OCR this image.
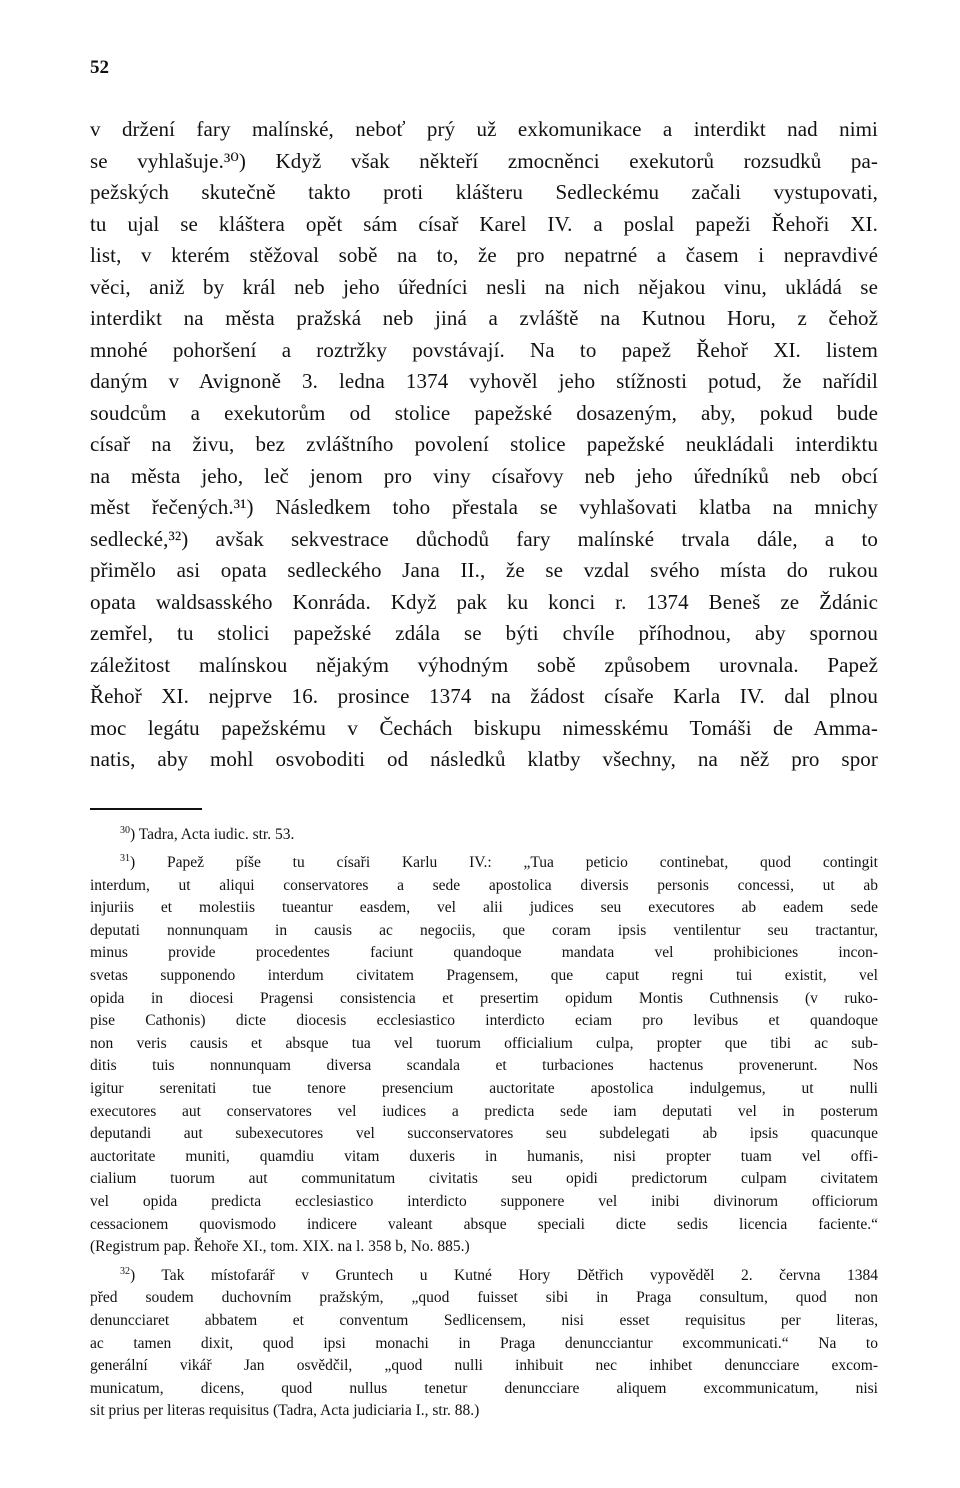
52
v držení fary malínské, neboť prý už exkomunikace a interdikt nad nimi
se vyhlašuje.³⁰) Když však někteří zmocněnci exekutorů rozsudků pa-
pežských skutečně takto proti klášteru Sedleckému začali vystupovati,
tu ujal se kláštera opět sám císař Karel IV. a poslal papeži Řehoři XI.
list, v kterém stěžoval sobě na to, že pro nepatrné a časem i nepravdivé
věci, aniž by král neb jeho úředníci nesli na nich nějakou vinu, ukládá se
interdikt na města pražská neb jiná a zvláště na Kutnou Horu, z čehož
mnohé pohoršení a roztržky povstávají. Na to papež Řehoř XI. listem
daným v Avignoně 3. ledna 1374 vyhověl jeho stížnosti potud, že nařídil
soudcům a exekutorům od stolice papežské dosazeným, aby, pokud bude
císař na živu, bez zvláštního povolení stolice papežské neukládali interdiktu
na města jeho, leč jenom pro viny císařovy neb jeho úředníků neb obcí
měst řečených.³¹) Následkem toho přestala se vyhlašovati klatba na mnichy
sedlecké,³²) avšak sekvestrace důchodů fary malínské trvala dále, a to
přimělo asi opata sedleckého Jana II., že se vzdal svého místa do rukou
opata waldsasského Konráda. Když pak ku konci r. 1374 Beneš ze Ždánic
zemřel, tu stolici papežské zdála se býti chvíle příhodnou, aby spornou
záležitost malínskou nějakým výhodným sobě způsobem urovnala. Papež
Řehoř XI. nejprve 16. prosince 1374 na žádost císaře Karla IV. dal plnou
moc legátu papežskému v Čechách biskupu nimesskému Tomáši de Amma-
natis, aby mohl osvoboditi od následků klatby všechny, na něž pro spor
$^{30}$) Tadra, Acta iudic. str. 53.
$^{31}$) Papež píše tu císaři Karlu IV.: „Tua peticio continebat, quod contingit
interdum, ut aliqui conservatores a sede apostolica diversis personis concessi, ut ab
injuriis et molestiis tueantur easdem, vel alii judices seu executores ab eadem sede
deputati nonnunquam in causis ac negociis, que coram ipsis ventilentur seu tractantur,
minus provide procedentes faciunt quandoque mandata vel prohibiciones incon-
svetas supponendo interdum civitatem Pragensem, que caput regni tui existit, vel
opida in diocesi Pragensi consistencia et presertim opidum Montis Cuthnensis (v ruko-
pise Cathonis) dicte diocesis ecclesiastico interdicto eciam pro levibus et quandoque
non veris causis et absque tua vel tuorum officialium culpa, propter que tibi ac sub-
ditis tuis nonnunquam diversa scandala et turbaciones hactenus provenerunt. Nos
igitur serenitati tue tenore presencium auctoritate apostolica indulgemus, ut nulli
executores aut conservatores vel iudices a predicta sede iam deputati vel in posterum
deputandi aut subexecutores vel succonservatores seu subdelegati ab ipsis quacunque
auctoritate muniti, quamdiu vitam duxeris in humanis, nisi propter tuam vel offi-
cialium tuorum aut communitatum civitatis seu opidi predictorum culpam civitatem
vel opida predicta ecclesiastico interdicto supponere vel inibi divinorum officiorum
cessacionem quovismodo indicere valeant absque speciali dicte sedis licencia faciente.“
(Registrum pap. Řehoře XI., tom. XIX. na l. 358 b, No. 885.)
$^{32}$) Tak místofarář v Gruntech u Kutné Hory Dětřich vypověděl 2. června 1384
před soudem duchovním pražským, „quod fuisset sibi in Praga consultum, quod non
denuncciaret abbatem et conventum Sedlicensem, nisi esset requisitus per literas,
ac tamen dixit, quod ipsi monachi in Praga denuncciantur excommunicati.“ Na to
generální vikář Jan osvědčil, „quod nulli inhibuit nec inhibet denuncciare excom-
municatum, dicens, quod nullus tenetur denuncciare aliquem excommunicatum, nisi
sit prius per literas requisitus (Tadra, Acta judiciaria I., str. 88.)
